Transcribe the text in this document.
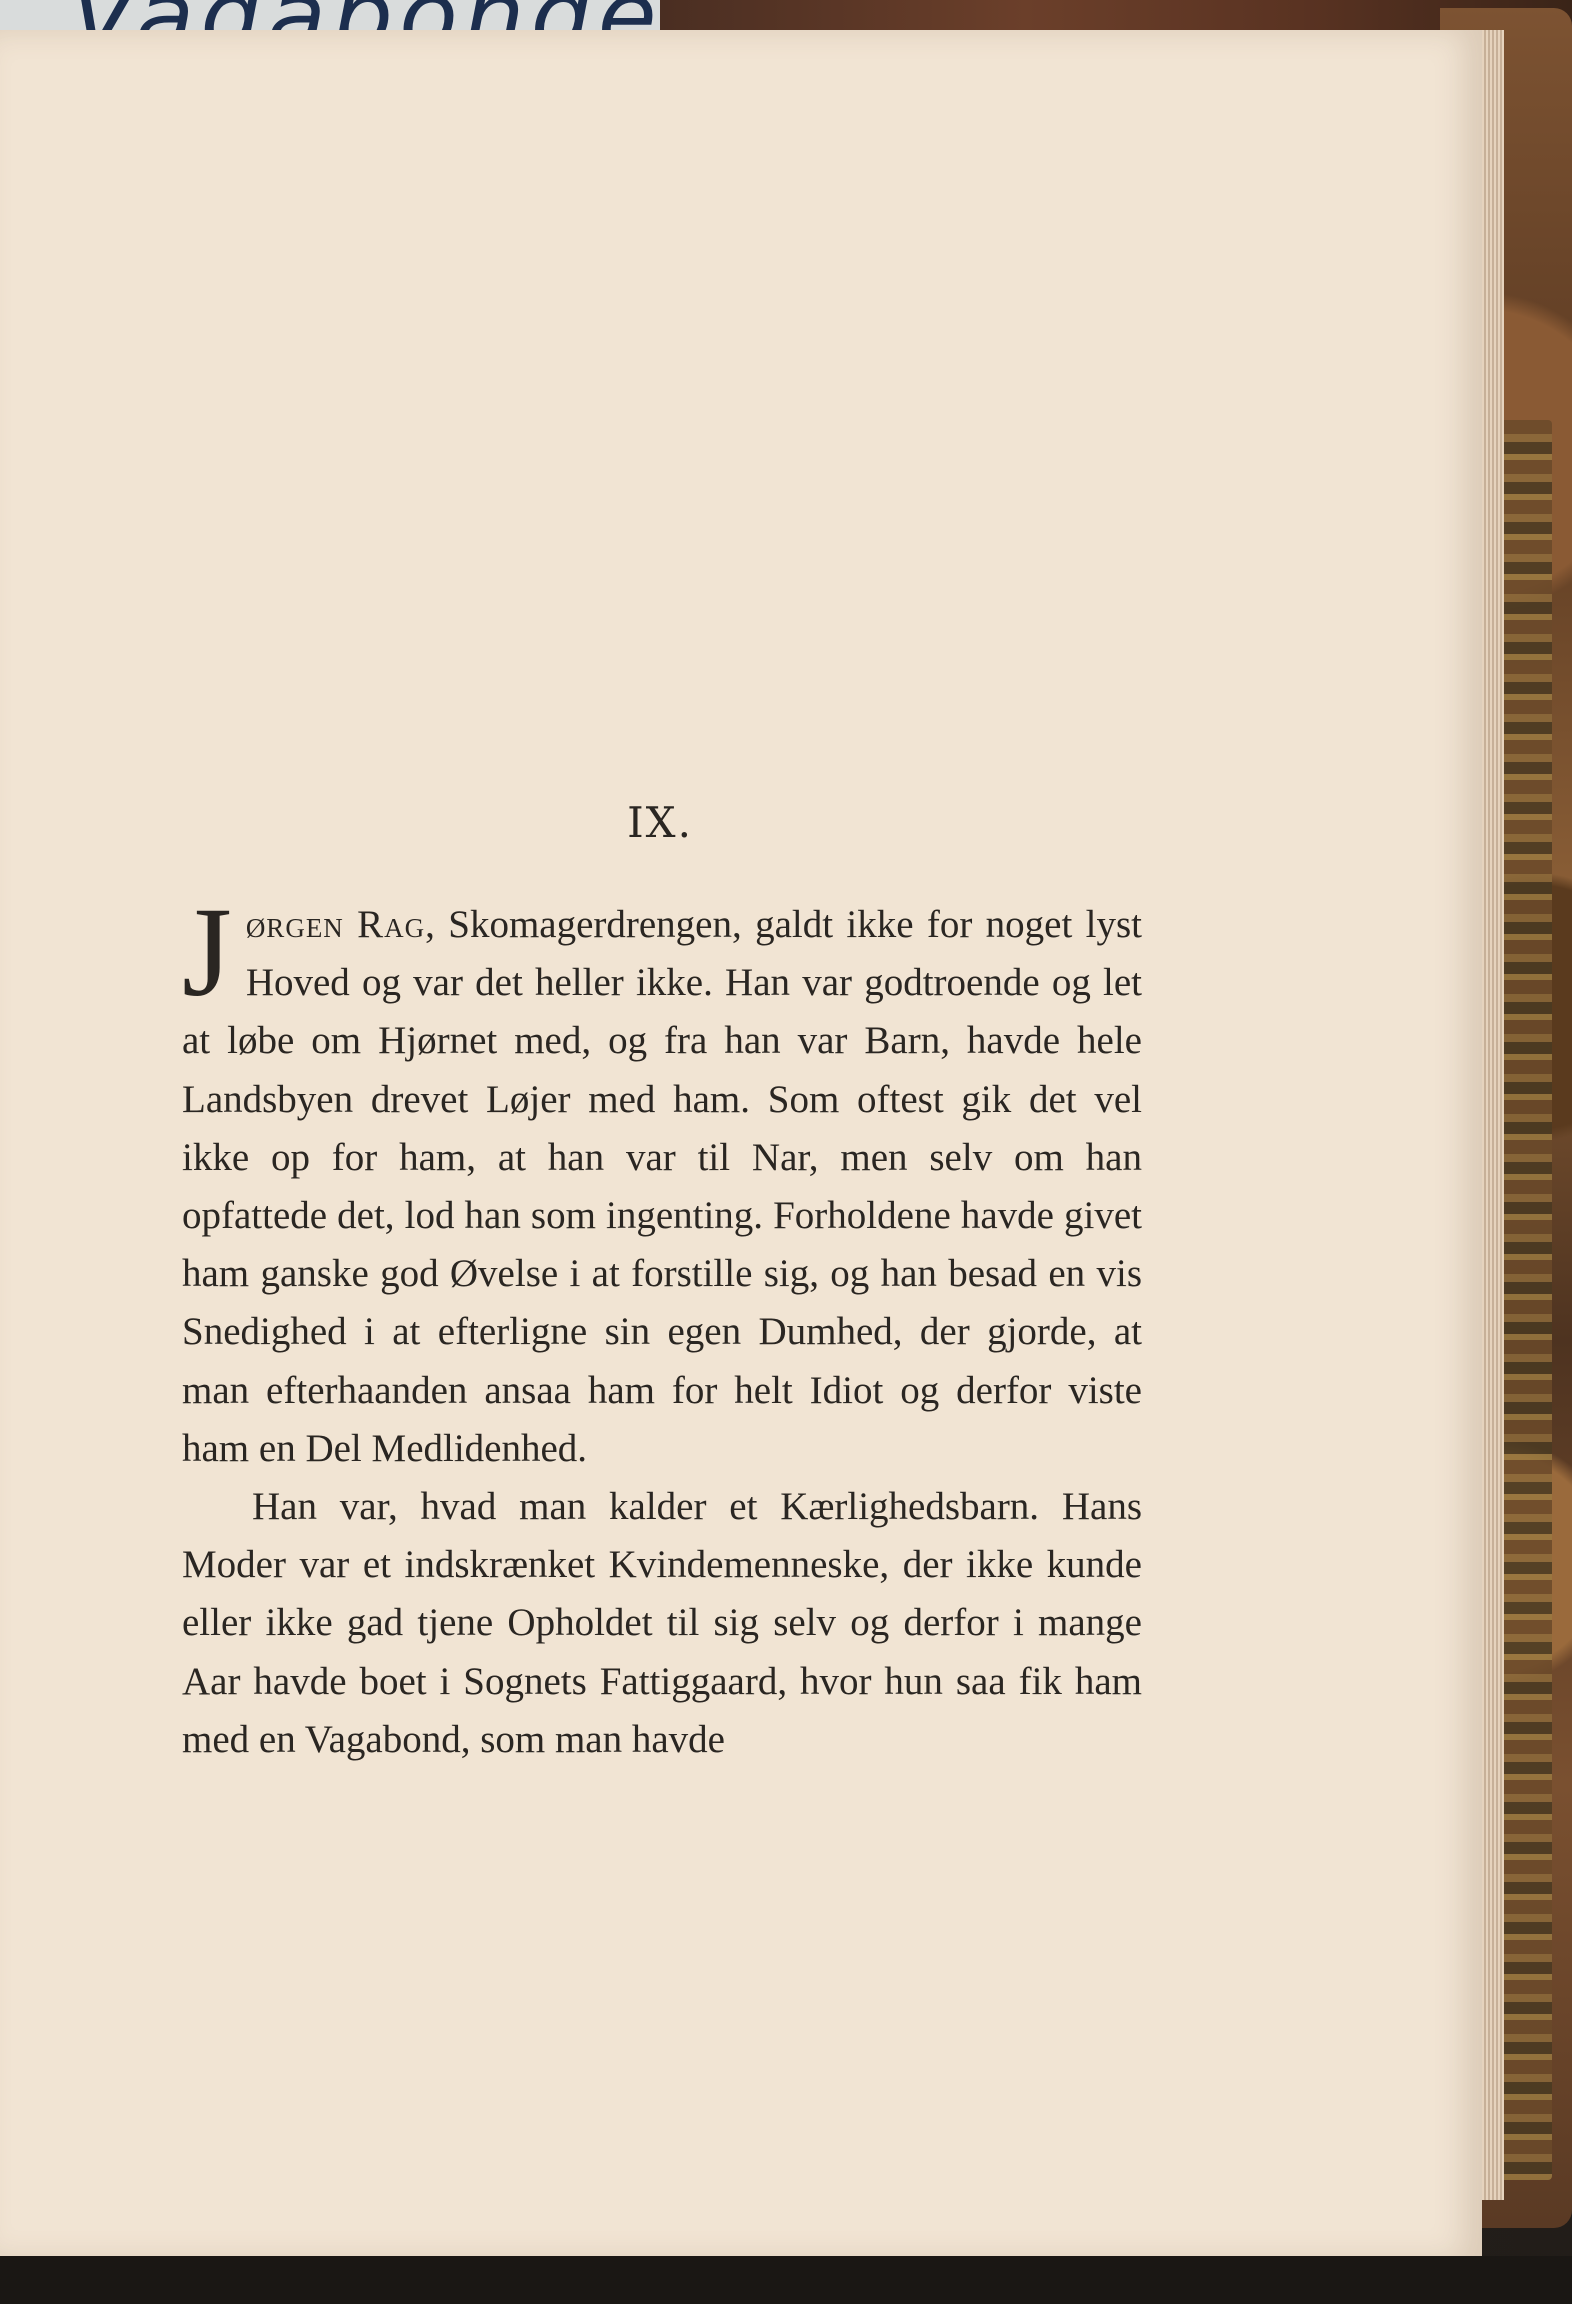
IX.

Jørgen Rag, Skomagerdrengen, galdt ikke for noget lyst Hoved og var det heller ikke. Han var godtroende og let at løbe om Hjørnet med, og fra han var Barn, havde hele Landsbyen drevet Løjer med ham. Som oftest gik det vel ikke op for ham, at han var til Nar, men selv om han opfattede det, lod han som ingenting. Forholdene havde givet ham ganske god Øvelse i at forstille sig, og han besad en vis Snedighed i at efterligne sin egen Dumhed, der gjorde, at man efterhaanden ansaa ham for helt Idiot og derfor viste ham en Del Medlidenhed.

Han var, hvad man kalder et Kærlighedsbarn. Hans Moder var et indskrænket Kvindemenneske, der ikke kunde eller ikke gad tjene Opholdet til sig selv og derfor i mange Aar havde boet i Sognets Fattiggaard, hvor hun saa fik ham med en Vagabond, som man havde
